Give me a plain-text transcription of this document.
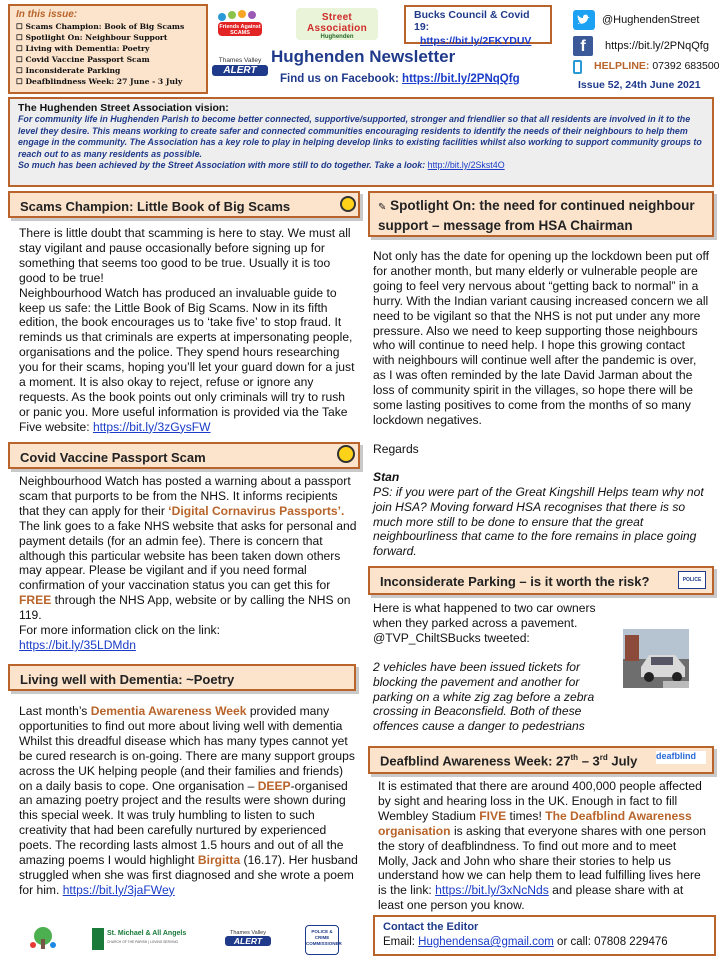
In this issue:
☐ Scams Champion: Book of Big Scams
☐ Spotlight On: Neighbour Support
☐ Living with Dementia: Poetry
☐ Covid Vaccine Passport Scam
☐ Inconsiderate Parking
☐ Deafblindness Week: 27 June - 3 July
Friends Against SCAMS
Street Association
Hughenden
Thames Valley
ALERT
Hughenden Newsletter
Find us on Facebook: https://bit.ly/2PNqQfg
Bucks Council & Covid 19:
https://bit.ly/2FKYDUV
@HughendenStreet
f	https://bit.ly/2PNqQfg
HELPLINE: 07392 683500
Issue 52, 24th June 2021
The Hughenden Street Association vision:
For community life in Hughenden Parish to become better connected, supportive/supported, stronger and friendlier so that all residents are involved in it to the level they desire. This means working to create safer and connected communities encouraging residents to identify the needs of their neighbours to help them engage in the community. The Association has a key role to play in helping develop links to existing facilities whilst also working to support community groups to reach out to as many residents as possible.
So much has been achieved by the Street Association with more still to do together. Take a look: http://bit.ly/2Skst4O
Scams Champion: Little Book of Big Scams
There is little doubt that scamming is here to stay. We must all stay vigilant and pause occasionally before signing up for something that seems too good to be true. Usually it is too good to be true!
Neighbourhood Watch has produced an invaluable guide to keep us safe: the Little Book of Big Scams. Now in its fifth edition, the book encourages us to ‘take five’ to stop fraud. It reminds us that criminals are experts at impersonating people, organisations and the police. They spend hours researching you for their scams, hoping you’ll let your guard down for a just a moment. It is also okay to reject, refuse or ignore any requests. As the book points out only criminals will try to rush or panic you. More useful information is provided via the Take Five website: https://bit.ly/3zGysFW
Covid Vaccine Passport Scam
Neighbourhood Watch has posted a warning about a passport scam that purports to be from the NHS. It informs recipients that they can apply for their ‘Digital Cornavirus Passports’. The link goes to a fake NHS website that asks for personal and payment details (for an admin fee). There is concern that although this particular website has been taken down others may appear. Please be vigilant and if you need formal confirmation of your vaccination status you can get this for FREE through the NHS App, website or by calling the NHS on 119.
For more information click on the link:
https://bit.ly/35LDMdn
Living well with Dementia: ~Poetry
Last month’s Dementia Awareness Week provided many opportunities to find out more about living well with dementia Whilst this dreadful disease which has many types cannot yet be cured research is on-going. There are many support groups across the UK helping people (and their families and friends) on a daily basis to cope. One organisation – DEEP-organised an amazing poetry project and the results were shown during this special week. It was truly humbling to listen to such creativity that had been carefully nurtured by experienced poets. The recording lasts almost 1.5 hours and out of all the amazing poems I would highlight Birgitta (16.17). Her husband struggled when she was first diagnosed and she wrote a poem for him. https://bit.ly/3jaFWey
✎ Spotlight On: the need for continued neighbour support – message from HSA Chairman
Not only has the date for opening up the lockdown been put off for another month, but many elderly or vulnerable people are going to feel very nervous about “getting back to normal” in a hurry. With the Indian variant causing increased concern we all need to be vigilant so that the NHS is not put under any more pressure. Also we need to keep supporting those neighbours who will continue to need help. I hope this growing contact with neighbours will continue well after the pandemic is over, as I was often reminded by the late David Jarman about the loss of community spirit in the villages, so hope there will be some lasting positives to come from the months of so many lockdown negatives.
Regards
Stan
PS: if you were part of the Great Kingshill Helps team why not join HSA? Moving forward HSA recognises that there is so much more still to be done to ensure that the great neighbourliness that came to the fore remains in place going forward.
Inconsiderate Parking – is it worth the risk?	POLICE
Here is what happened to two car owners when they parked across a pavement. @TVP_ChiltSBucks tweeted:
2 vehicles have been issued tickets for blocking the pavement and another for parking on a white zig zag before a zebra crossing in Beaconsfield. Both of these offences cause a danger to pedestrians
Deafblind Awareness Week: 27th – 3rd July	deafblind
It is estimated that there are around 400,000 people affected by sight and hearing loss in the UK. Enough in fact to fill Wembley Stadium FIVE times! The Deafblind Awareness organisation is asking that everyone shares with one person the story of deafblindness. To find out more and to meet Molly, Jack and John who share their stories to help us understand how we can help them to lead fulfilling lives here is the link: https://bit.ly/3xNcNds and please share with at least one person you know.
Contact the Editor
Email: Hughendensa@gmail.com or call: 07808 229476
St. Michael & All Angels
CHURCH OF THE PARISH | LOVING SERVING
Thames Valley
ALERT
POLICE & CRIME COMMISSIONER
